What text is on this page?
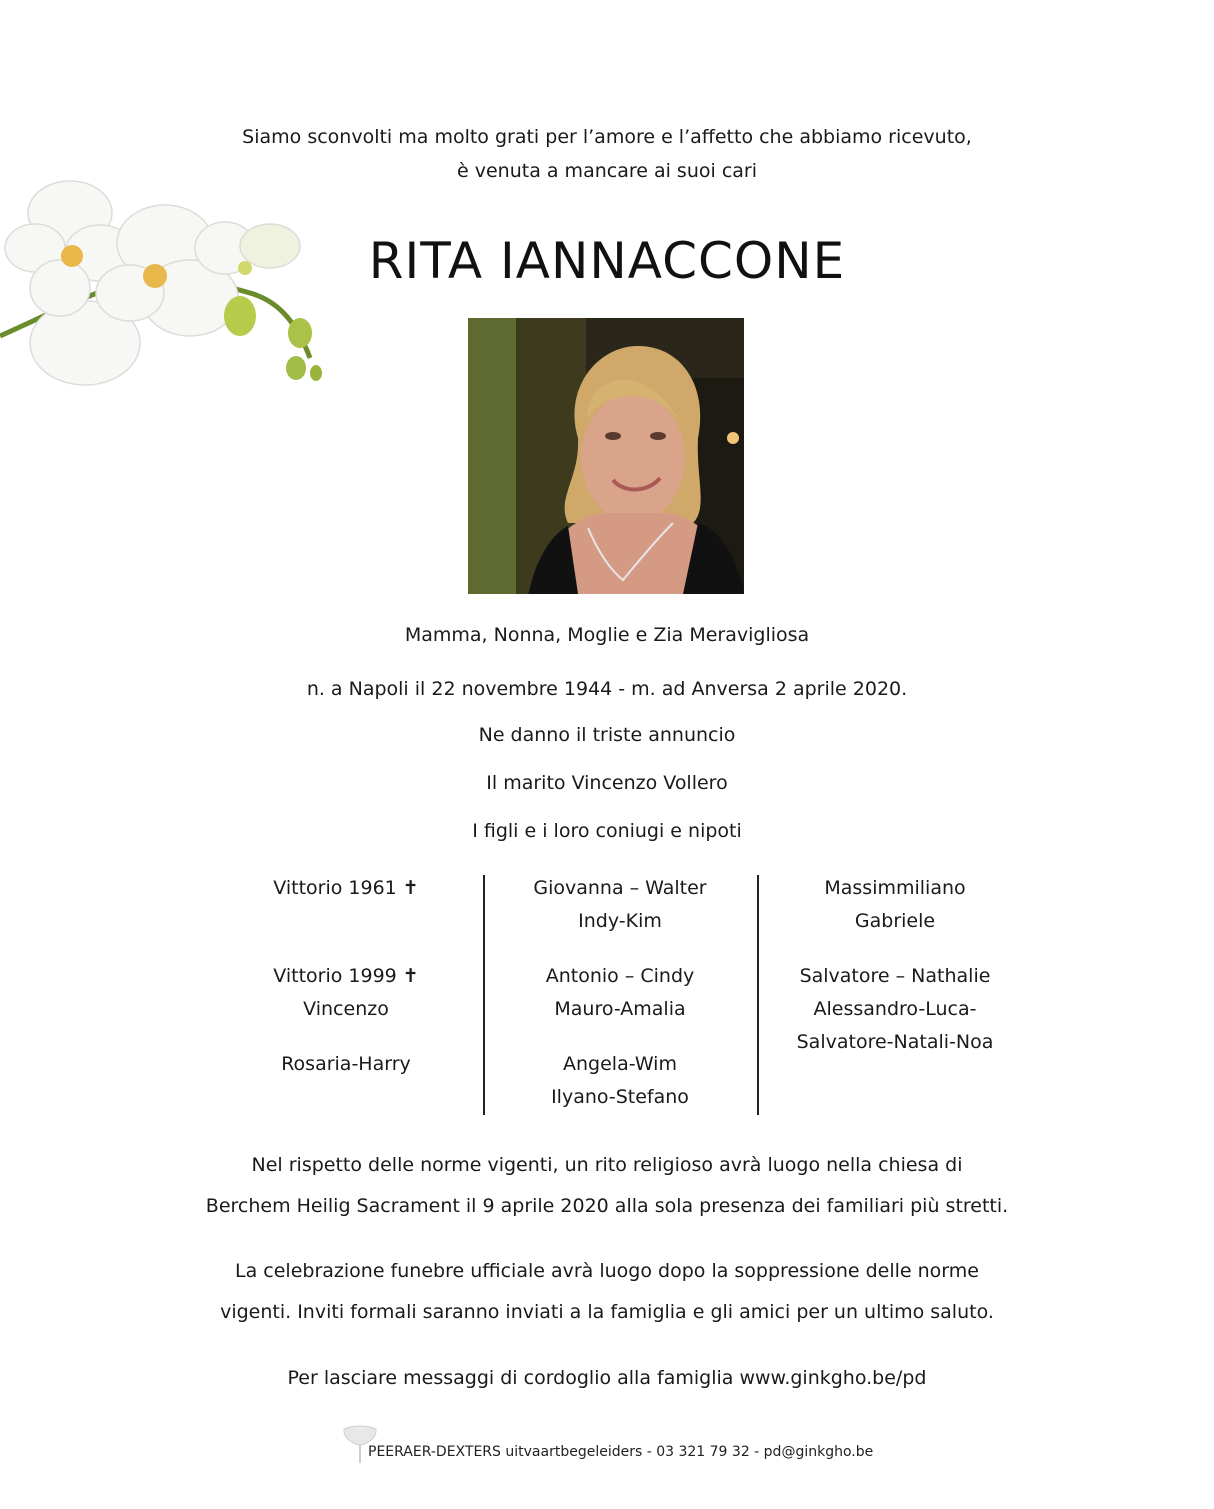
Siamo sconvolti ma molto grati per l’amore e l’affetto che abbiamo ricevuto,
è venuta a mancare ai suoi cari
RITA IANNACCONE
Mamma, Nonna, Moglie e Zia Meravigliosa
n. a Napoli il 22 novembre 1944 - m. ad Anversa 2 aprile 2020.
Ne danno il triste annuncio
Il marito Vincenzo Vollero
I figli e i loro coniugi e nipoti
Vittorio 1961 ✝

Vittorio 1999 ✝
Vincenzo
Rosaria-Harry
Giovanna – Walter
Indy-Kim
Antonio – Cindy
Mauro-Amalia
Angela-Wim
Ilyano-Stefano
Massimmiliano
Gabriele
Salvatore – Nathalie
Alessandro-Luca-
Salvatore-Natali-Noa
Nel rispetto delle norme vigenti, un rito religioso avrà luogo nella chiesa di
Berchem Heilig Sacrament il 9 aprile 2020 alla sola presenza dei familiari più stretti.
La celebrazione funebre ufficiale avrà luogo dopo la soppressione delle norme
vigenti. Inviti formali saranno inviati a la famiglia e gli amici per un ultimo saluto.
Per lasciare messaggi di cordoglio alla famiglia www.ginkgho.be/pd
PEERAER-DEXTERS uitvaartbegeleiders - 03 321 79 32 - pd@ginkgho.be
